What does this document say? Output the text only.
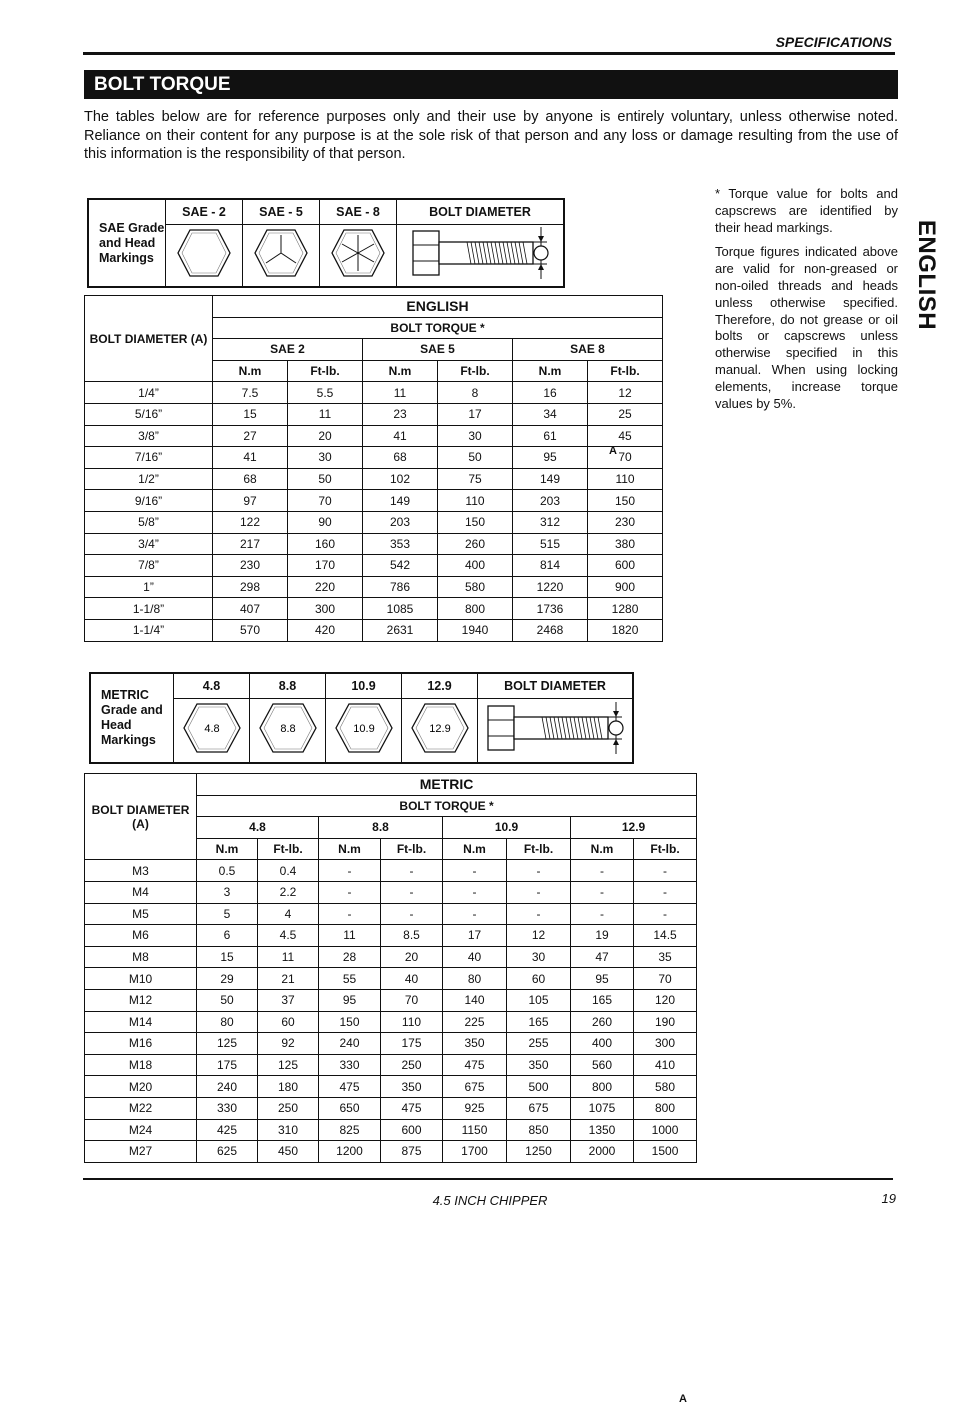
SPECIFICATIONS
BOLT TORQUE
The tables below are for reference purposes only and their use by anyone is entirely voluntary, unless otherwise noted. Reliance on their content for any purpose is at the sole risk of that person and any loss or damage resulting from the use of this information is the responsibility of that person.
ENGLISH

* Torque value for bolts and capscrews are identified by their head markings.

Torque figures indicated above are valid for non-greased or non-oiled threads and heads unless otherwise specified. Therefore, do not grease or oil bolts or capscrews unless otherwise specified in this manual. When using locking elements, increase torque values by 5%.

SAE Grade and Head Markings	SAE - 2	SAE - 5	SAE - 8	BOLT DIAMETER

A
BOLT DIAMETER (A)	ENGLISH					
	BOLT TORQUE *					
	SAE 2		SAE 5		SAE 8	
	N.m	Ft-lb.	N.m	Ft-lb.	N.m	Ft-lb.
1/4”	7.5	5.5	11	8	16	12
5/16”	15	11	23	17	34	25
3/8”	27	20	41	30	61	45
7/16”	41	30	68	50	95	70
1/2”	68	50	102	75	149	110
9/16”	97	70	149	110	203	150
5/8”	122	90	203	150	312	230
3/4”	217	160	353	260	515	380
7/8”	230	170	542	400	814	600
1”	298	220	786	580	1220	900
1-1/8”	407	300	1085	800	1736	1280
1-1/4”	570	420	2631	1940	2468	1820
METRIC Grade and Head Markings	4.8	8.8	10.9	12.9	BOLT DIAMETER

4.8	8.8	10.9	12.9	A
BOLT DIAMETER (A)	METRIC							
	BOLT TORQUE *							
	4.8		8.8		10.9		12.9	
	N.m	Ft-lb.	N.m	Ft-lb.	N.m	Ft-lb.	N.m	Ft-lb.
M3	0.5	0.4	-	-	-	-	-	-
M4	3	2.2	-	-	-	-	-	-
M5	5	4	-	-	-	-	-	-
M6	6	4.5	11	8.5	17	12	19	14.5
M8	15	11	28	20	40	30	47	35
M10	29	21	55	40	80	60	95	70
M12	50	37	95	70	140	105	165	120
M14	80	60	150	110	225	165	260	190
M16	125	92	240	175	350	255	400	300
M18	175	125	330	250	475	350	560	410
M20	240	180	475	350	675	500	800	580
M22	330	250	650	475	925	675	1075	800
M24	425	310	825	600	1150	850	1350	1000
M27	625	450	1200	875	1700	1250	2000	1500
4.5 INCH CHIPPER	19
